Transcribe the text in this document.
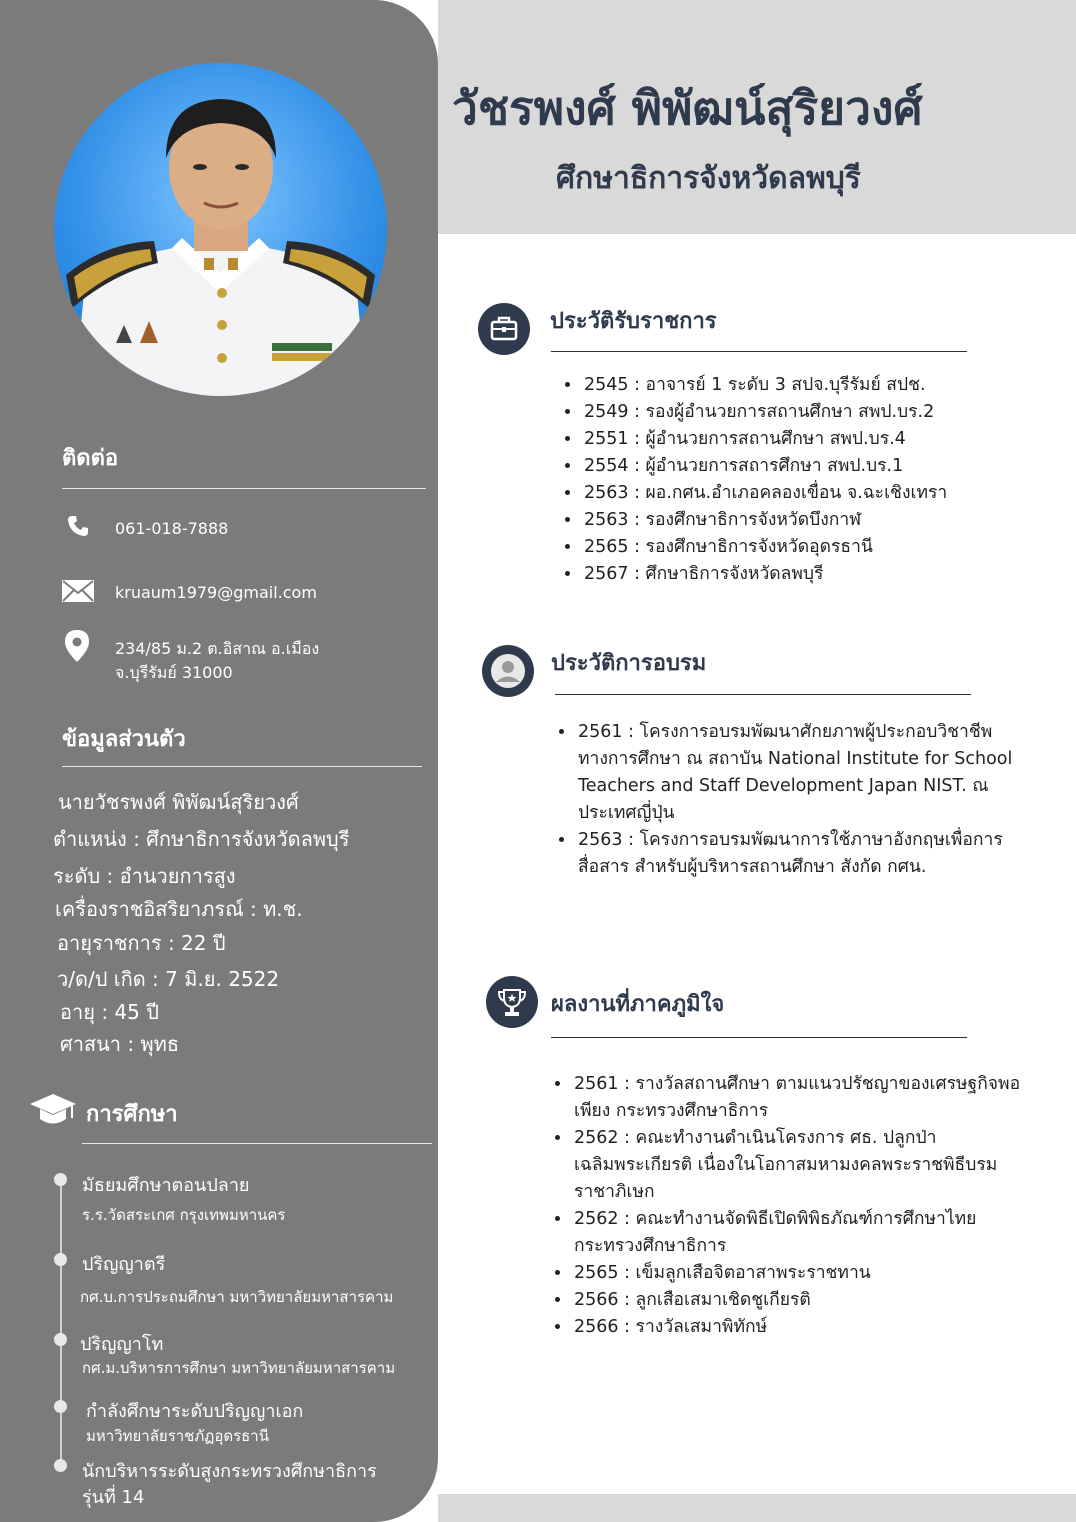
วัชรพงศ์ พิพัฒน์สุริยวงศ์
ศึกษาธิการจังหวัดลพบุรี
ติดต่อ
061-018-7888
kruaum1979@gmail.com
234/85 ม.2 ต.อิสาณ อ.เมือง
จ.บุรีรัมย์ 31000
ข้อมูลส่วนตัว
นายวัชรพงศ์ พิพัฒน์สุริยวงศ์
ตำแหน่ง : ศึกษาธิการจังหวัดลพบุรี
ระดับ : อำนวยการสูง
เครื่องราชอิสริยาภรณ์ : ท.ช.
อายุราชการ : 22 ปี
ว/ด/ป เกิด : 7 มิ.ย. 2522
อายุ : 45 ปี
ศาสนา : พุทธ
การศึกษา
มัธยมศึกษาตอนปลาย
ร.ร.วัดสระเกศ กรุงเทพมหานคร
ปริญญาตรี
กศ.บ.การประถมศึกษา มหาวิทยาลัยมหาสารคาม
ปริญญาโท
กศ.ม.บริหารการศึกษา มหาวิทยาลัยมหาสารคาม
กำลังศึกษาระดับปริญญาเอก
มหาวิทยาลัยราชภัฏอุดรธานี
นักบริหารระดับสูงกระทรวงศึกษาธิการ
รุ่นที่ 14
ประวัติรับราชการ
• 2545 : อาจารย์ 1 ระดับ 3 สปจ.บุรีรัมย์ สปช.
• 2549 : รองผู้อำนวยการสถานศึกษา สพป.บร.2
• 2551 : ผู้อำนวยการสถานศึกษา สพป.บร.4
• 2554 : ผู้อำนวยการสถารศึกษา สพป.บร.1
• 2563 : ผอ.กศน.อำเภอคลองเขื่อน จ.ฉะเชิงเทรา
• 2563 : รองศึกษาธิการจังหวัดบึงกาฬ
• 2565 : รองศึกษาธิการจังหวัดอุดรธานี
• 2567 : ศึกษาธิการจังหวัดลพบุรี
ประวัติการอบรม
• 2561 : โครงการอบรมพัฒนาศักยภาพผู้ประกอบวิชาชีพทางการศึกษา ณ สถาบัน National Institute for School Teachers and Staff Development Japan NIST. ณ ประเทศญี่ปุ่น
• 2563 : โครงการอบรมพัฒนาการใช้ภาษาอังกฤษเพื่อการสื่อสาร สำหรับผู้บริหารสถานศึกษา สังกัด กศน.
ผลงานที่ภาคภูมิใจ
• 2561 : รางวัลสถานศึกษา ตามแนวปรัชญาของเศรษฐกิจพอเพียง กระทรวงศึกษาธิการ
• 2562 : คณะทำงานดำเนินโครงการ ศธ. ปลูกป่าเฉลิมพระเกียรติ เนื่องในโอกาสมหามงคลพระราชพิธีบรมราชาภิเษก
• 2562 : คณะทำงานจัดพิธีเปิดพิพิธภัณฑ์การศึกษาไทย กระทรวงศึกษาธิการ
• 2565 : เข็มลูกเสือจิตอาสาพระราชทาน
• 2566 : ลูกเสือเสมาเชิดชูเกียรติ
• 2566 : รางวัลเสมาพิทักษ์
